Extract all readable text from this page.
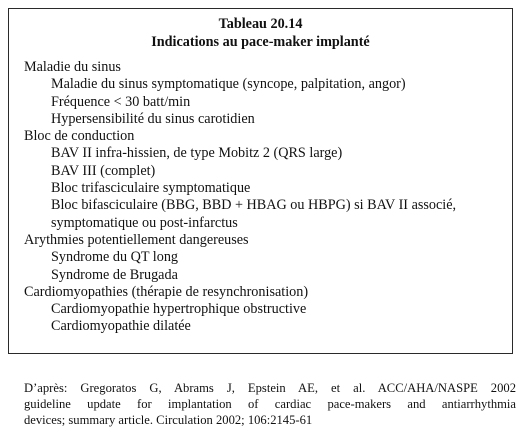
Tableau 20.14
Indications au pace-maker implanté
Maladie du sinus
Maladie du sinus symptomatique (syncope, palpitation, angor)
Fréquence < 30 batt/min
Hypersensibilité du sinus carotidien
Bloc de conduction
BAV II infra-hissien, de type Mobitz 2 (QRS large)
BAV III (complet)
Bloc trifasciculaire symptomatique
Bloc bifasciculaire (BBG, BBD + HBAG ou HBPG) si BAV II associé,
symptomatique ou post-infarctus
Arythmies potentiellement dangereuses
Syndrome du QT long
Syndrome de Brugada
Cardiomyopathies (thérapie de resynchronisation)
Cardiomyopathie hypertrophique obstructive
Cardiomyopathie dilatée
D’après: Gregoratos G, Abrams J, Epstein AE, et al. ACC/AHA/NASPE 2002
guideline update for implantation of cardiac pace-makers and antiarrhythmia
devices; summary article. Circulation 2002; 106:2145-61
